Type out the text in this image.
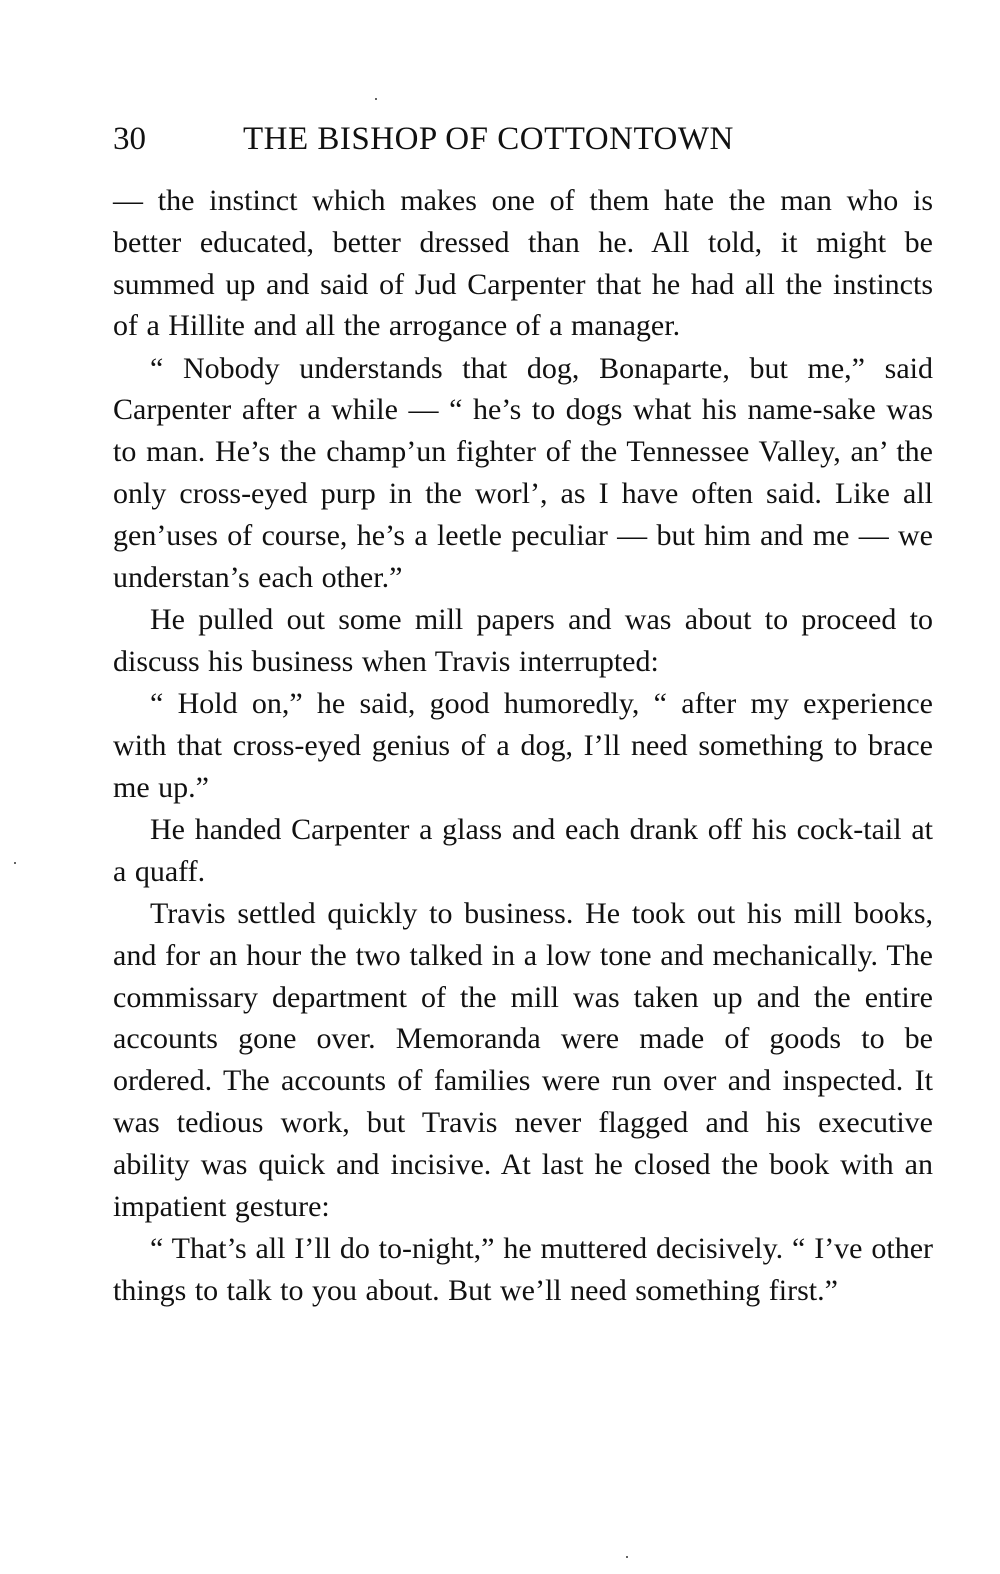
30	THE BISHOP OF COTTONTOWN

— the instinct which makes one of them hate the man who is better educated, better dressed than he. All told, it might be summed up and said of Jud Carpenter that he had all the instincts of a Hillite and all the arrogance of a manager.

“ Nobody understands that dog, Bonaparte, but me,” said Carpenter after a while — “ he’s to dogs what his name-sake was to man. He’s the champ’un fighter of the Tennessee Valley, an’ the only cross-eyed purp in the worl’, as I have often said. Like all gen’uses of course, he’s a leetle peculiar — but him and me — we understan’s each other.”

He pulled out some mill papers and was about to proceed to discuss his business when Travis interrupted:

“ Hold on,” he said, good humoredly, “ after my experience with that cross-eyed genius of a dog, I’ll need something to brace me up.”

He handed Carpenter a glass and each drank off his cock-tail at a quaff.

Travis settled quickly to business. He took out his mill books, and for an hour the two talked in a low tone and mechanically. The commissary department of the mill was taken up and the entire accounts gone over. Memoranda were made of goods to be ordered. The accounts of families were run over and inspected. It was tedious work, but Travis never flagged and his executive ability was quick and incisive. At last he closed the book with an impatient gesture:

“ That’s all I’ll do to-night,” he muttered decisively. “ I’ve other things to talk to you about. But we’ll need something first.”
